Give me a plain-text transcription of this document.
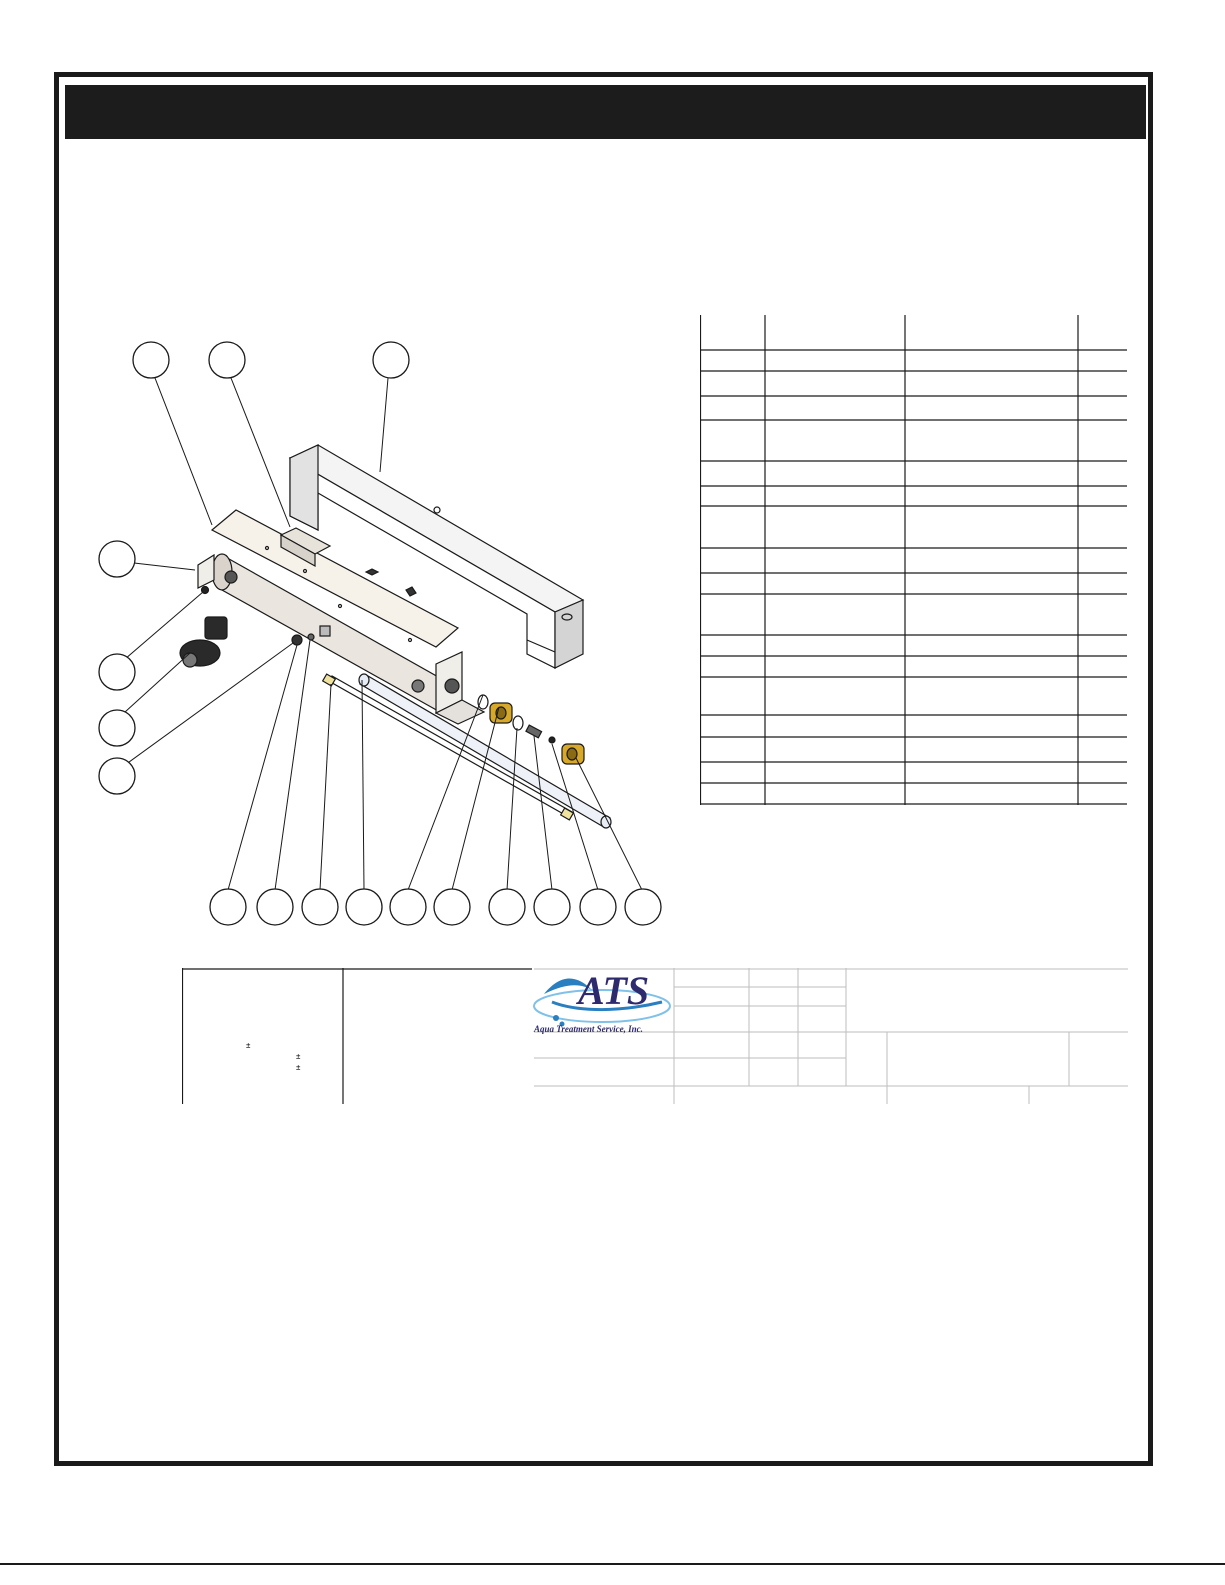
±
±
±
ATS
Aqua Treatment Service, Inc.
